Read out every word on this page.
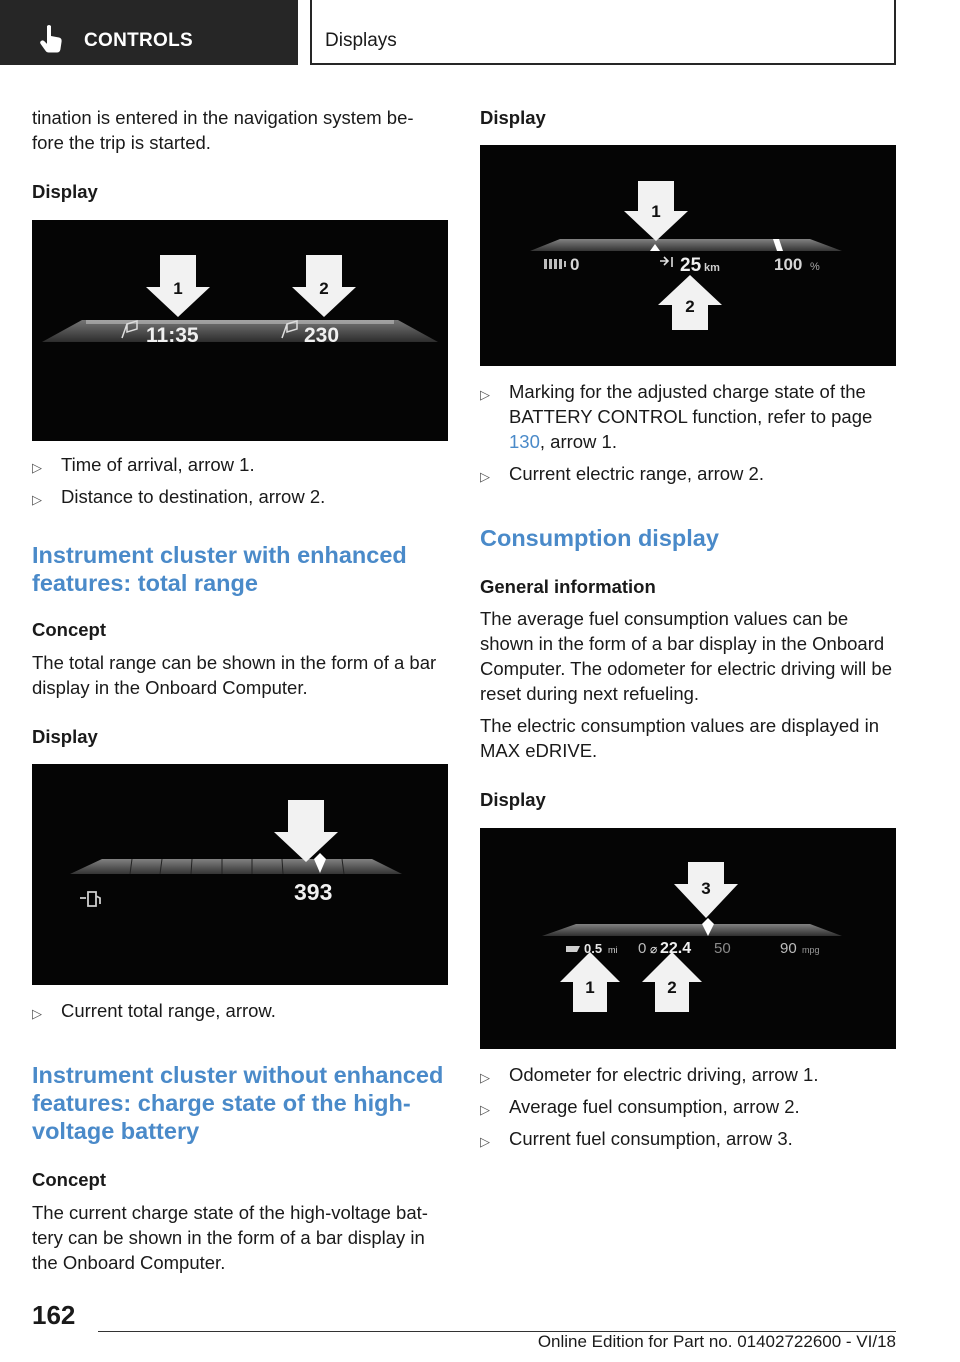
CONTROLS	Displays

tination is entered in the navigation system be- fore the trip is started.

Display
1	2
11:35	230
▷ Time of arrival, arrow 1.
▷ Distance to destination, arrow 2.
Instrument cluster with enhanced features: total range
Concept

The total range can be shown in the form of a bar display in the Onboard Computer.

Display
393
▷ Current total range, arrow.
Instrument cluster without enhanced features: charge state of the high-voltage battery
Concept

The current charge state of the high-voltage bat- tery can be shown in the form of a bar display in the Onboard Computer.

Display
1
0	25 km	100 %
2
▷ Marking for the adjusted charge state of the BATTERY CONTROL function, refer to page 130, arrow 1.
▷ Current electric range, arrow 2.
Consumption display
General information

The average fuel consumption values can be shown in the form of a bar display in the Onboard Computer. The odometer for electric driving will be reset during next refueling.

The electric consumption values are displayed in MAX eDRIVE.

Display
3
0.5 mi 0 ⌀ 22.4 50	90 mpg
1	2
▷ Odometer for electric driving, arrow 1.
▷ Average fuel consumption, arrow 2.
▷ Current fuel consumption, arrow 3.
162
Online Edition for Part no. 01402722600 - VI/18
